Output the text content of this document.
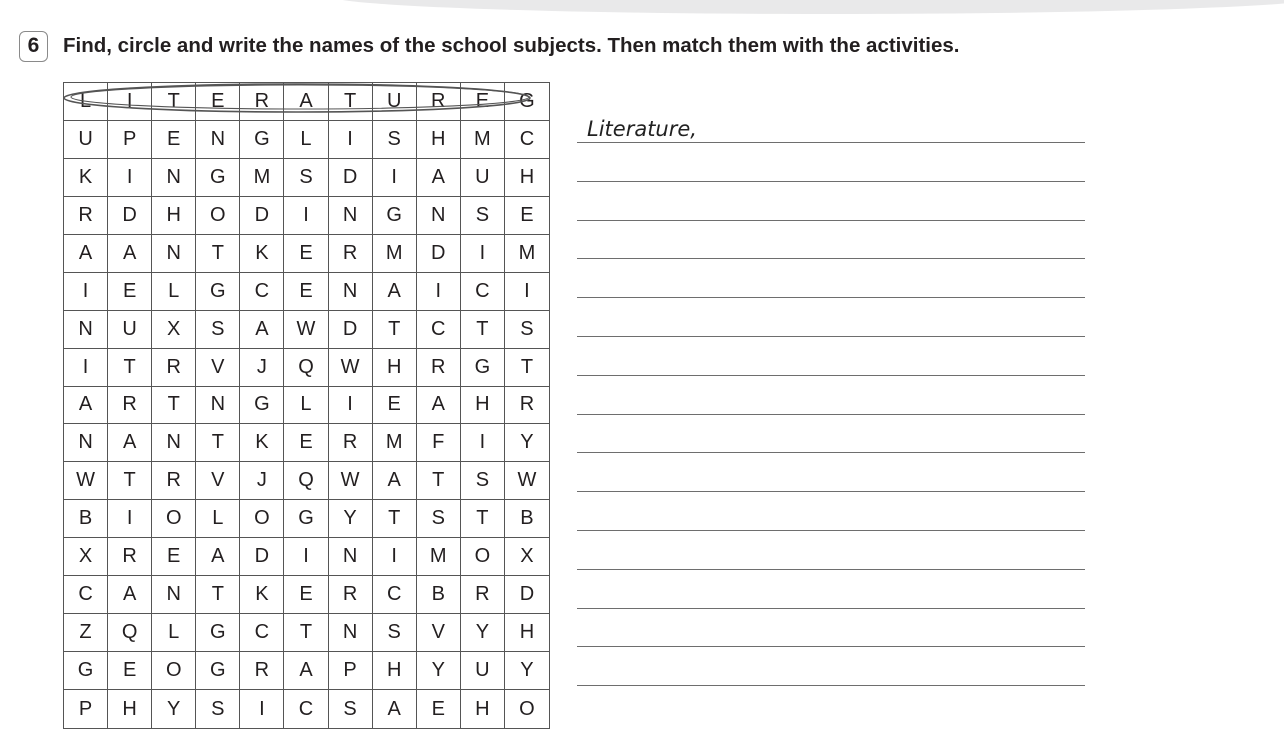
6	Find, circle and write the names of the school subjects. Then match them with the activities.
L	I	T	E	R	A	T	U	R	E	G
U	P	E	N	G	L	I	S	H	M	C
K	I	N	G	M	S	D	I	A	U	H
R	D	H	O	D	I	N	G	N	S	E
A	A	N	T	K	E	R	M	D	I	M
I	E	L	G	C	E	N	A	I	C	I
N	U	X	S	A	W	D	T	C	T	S
I	T	R	V	J	Q	W	H	R	G	T
A	R	T	N	G	L	I	E	A	H	R
N	A	N	T	K	E	R	M	F	I	Y
W	T	R	V	J	Q	W	A	T	S	W
B	I	O	L	O	G	Y	T	S	T	B
X	R	E	A	D	I	N	I	M	O	X
C	A	N	T	K	E	R	C	B	R	D
Z	Q	L	G	C	T	N	S	V	Y	H
G	E	O	G	R	A	P	H	Y	U	Y
P	H	Y	S	I	C	S	A	E	H	O
Literature,
